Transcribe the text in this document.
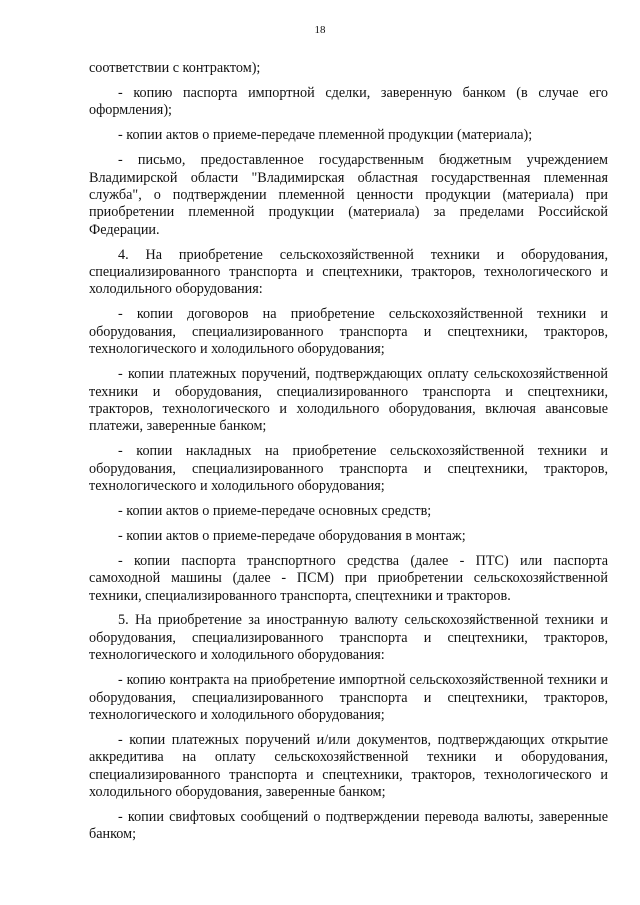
18

соответствии с контрактом);

- копию паспорта импортной сделки, заверенную банком (в случае его оформления);

- копии актов о приеме-передаче племенной продукции (материала);

- письмо, предоставленное государственным бюджетным учреждением Владимирской области "Владимирская областная государственная племенная служба", о подтверждении племенной ценности продукции (материала) при приобретении племенной продукции (материала) за пределами Российской Федерации.

4. На приобретение сельскохозяйственной техники и оборудования, специализированного транспорта и спецтехники, тракторов, технологического и холодильного оборудования:

- копии договоров на приобретение сельскохозяйственной техники и оборудования, специализированного транспорта и спецтехники, тракторов, технологического и холодильного оборудования;

- копии платежных поручений, подтверждающих оплату сельскохозяйственной техники и оборудования, специализированного транспорта и спецтехники, тракторов, технологического и холодильного оборудования, включая авансовые платежи, заверенные банком;

- копии накладных на приобретение сельскохозяйственной техники и оборудования, специализированного транспорта и спецтехники, тракторов, технологического и холодильного оборудования;

- копии актов о приеме-передаче основных средств;

- копии актов о приеме-передаче оборудования в монтаж;

- копии паспорта транспортного средства (далее - ПТС) или паспорта самоходной машины (далее - ПСМ) при приобретении сельскохозяйственной техники, специализированного транспорта, спецтехники и тракторов.

5. На приобретение за иностранную валюту сельскохозяйственной техники и оборудования, специализированного транспорта и спецтехники, тракторов, технологического и холодильного оборудования:

- копию контракта на приобретение импортной сельскохозяйственной техники и оборудования, специализированного транспорта и спецтехники, тракторов, технологического и холодильного оборудования;

- копии платежных поручений и/или документов, подтверждающих открытие аккредитива на оплату сельскохозяйственной техники и оборудования, специализированного транспорта и спецтехники, тракторов, технологического и холодильного оборудования, заверенные банком;

- копии свифтовых сообщений о подтверждении перевода валюты, заверенные банком;
